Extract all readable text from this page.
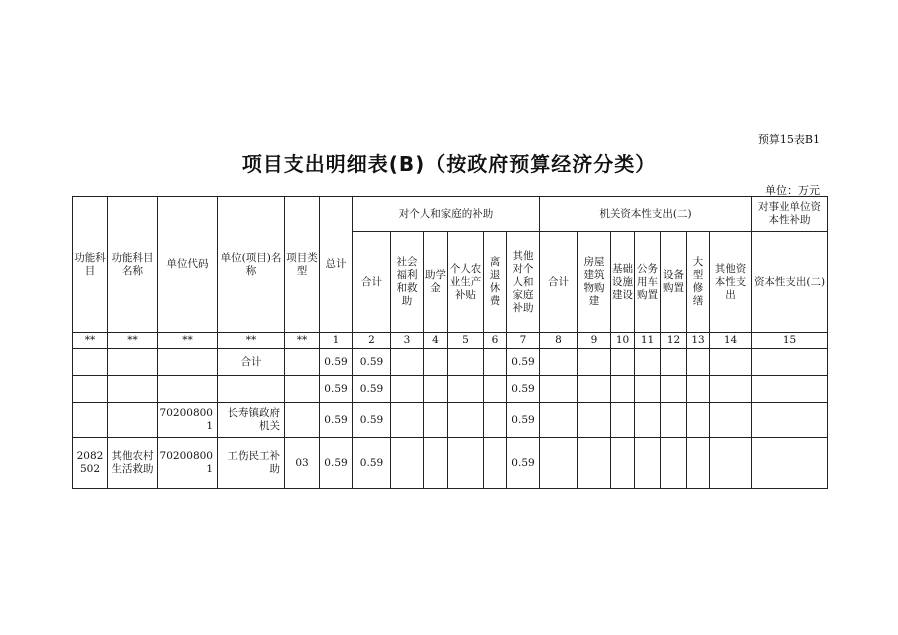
预算15表B1
项目支出明细表(B)（按政府预算经济分类）
单位：万元
功能科目	功能科目名称	单位代码	单位(项目)名称	项目类型	总计	对个人和家庭的补助						机关资本性支出(二)							对事业单位资本性补助
						合计	社会福利和救助	助学金	个人农业生产补贴	离退休费	其他对个人和家庭补助	合计	房屋建筑物购建	基础设施建设	公务用车购置	设备购置	大型修缮	其他资本性支出	资本性支出(二)
**	**	**	**	**	1	2	3	4	5	6	7	8	9	10	11	12	13	14	15
			合计		0.59	0.59					0.59								
					0.59	0.59					0.59								
		702008001	长寿镇政府机关		0.59	0.59					0.59								
2082502	其他农村生活救助	702008001	工伤民工补助	03	0.59	0.59					0.59								
